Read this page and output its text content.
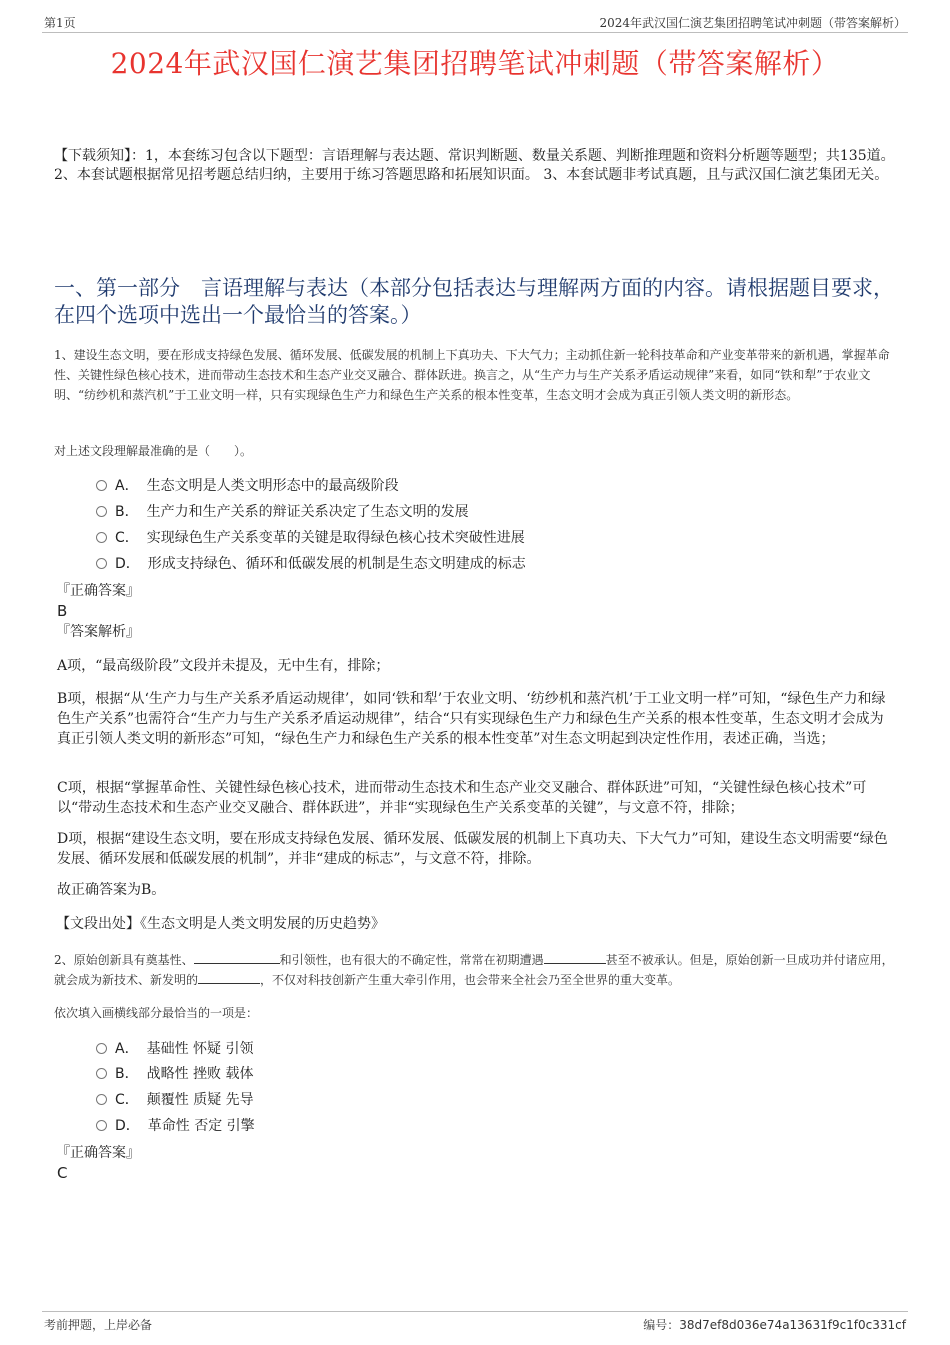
第1页	2024年武汉国仁演艺集团招聘笔试冲刺题（带答案解析）
2024年武汉国仁演艺集团招聘笔试冲刺题（带答案解析）
【下载须知】：1，本套练习包含以下题型：言语理解与表达题、常识判断题、数量关系题、判断推理题和资料分析题等题型；共135道。 2、本套试题根据常见招考题总结归纳，主要用于练习答题思路和拓展知识面。 3、本套试题非考试真题，且与武汉国仁演艺集团无关。
一、第一部分　言语理解与表达（本部分包括表达与理解两方面的内容。请根据题目要求，在四个选项中选出一个最恰当的答案。）
1、建设生态文明，要在形成支持绿色发展、循环发展、低碳发展的机制上下真功夫、下大气力；主动抓住新一轮科技革命和产业变革带来的新机遇，掌握革命性、关键性绿色核心技术，进而带动生态技术和生态产业交叉融合、群体跃进。换言之，从“生产力与生产关系矛盾运动规律”来看，如同“铁和犁”于农业文明、“纺纱机和蒸汽机”于工业文明一样，只有实现绿色生产力和绿色生产关系的根本性变革，生态文明才会成为真正引领人类文明的新形态。
对上述文段理解最准确的是（　　）。
A． 生态文明是人类文明形态中的最高级阶段
B． 生产力和生产关系的辩证关系决定了生态文明的发展
C． 实现绿色生产关系变革的关键是取得绿色核心技术突破性进展
D． 形成支持绿色、循环和低碳发展的机制是生态文明建成的标志
『正确答案』
B
『答案解析』
A项，“最高级阶段”文段并未提及，无中生有，排除；
B项，根据“从‘生产力与生产关系矛盾运动规律’，如同‘铁和犁’于农业文明、‘纺纱机和蒸汽机’于工业文明一样”可知，“绿色生产力和绿色生产关系”也需符合“生产力与生产关系矛盾运动规律”，结合“只有实现绿色生产力和绿色生产关系的根本性变革，生态文明才会成为真正引领人类文明的新形态”可知，“绿色生产力和绿色生产关系的根本性变革”对生态文明起到决定性作用，表述正确，当选；
C项，根据“掌握革命性、关键性绿色核心技术，进而带动生态技术和生态产业交叉融合、群体跃进”可知，“关键性绿色核心技术”可以“带动生态技术和生态产业交叉融合、群体跃进”，并非“实现绿色生产关系变革的关键”，与文意不符，排除；
D项，根据“建设生态文明，要在形成支持绿色发展、循环发展、低碳发展的机制上下真功夫、下大气力”可知，建设生态文明需要“绿色发展、循环发展和低碳发展的机制”，并非“建成的标志”，与文意不符，排除。
故正确答案为B。
【文段出处】《生态文明是人类文明发展的历史趋势》
2、原始创新具有奠基性、	和引领性，也有很大的不确定性，常常在初期遭遇	甚至不被承认。但是，原始创新一旦成功并付诸应用，就会成为新技术、新发明的	，不仅对科技创新产生重大牵引作用，也会带来全社会乃至全世界的重大变革。
依次填入画横线部分最恰当的一项是：
A． 基础性 怀疑 引领
B． 战略性 挫败 载体
C． 颠覆性 质疑 先导
D． 革命性 否定 引擎
『正确答案』
C
考前押题，上岸必备	编号：38d7ef8d036e74a13631f9c1f0c331cf
